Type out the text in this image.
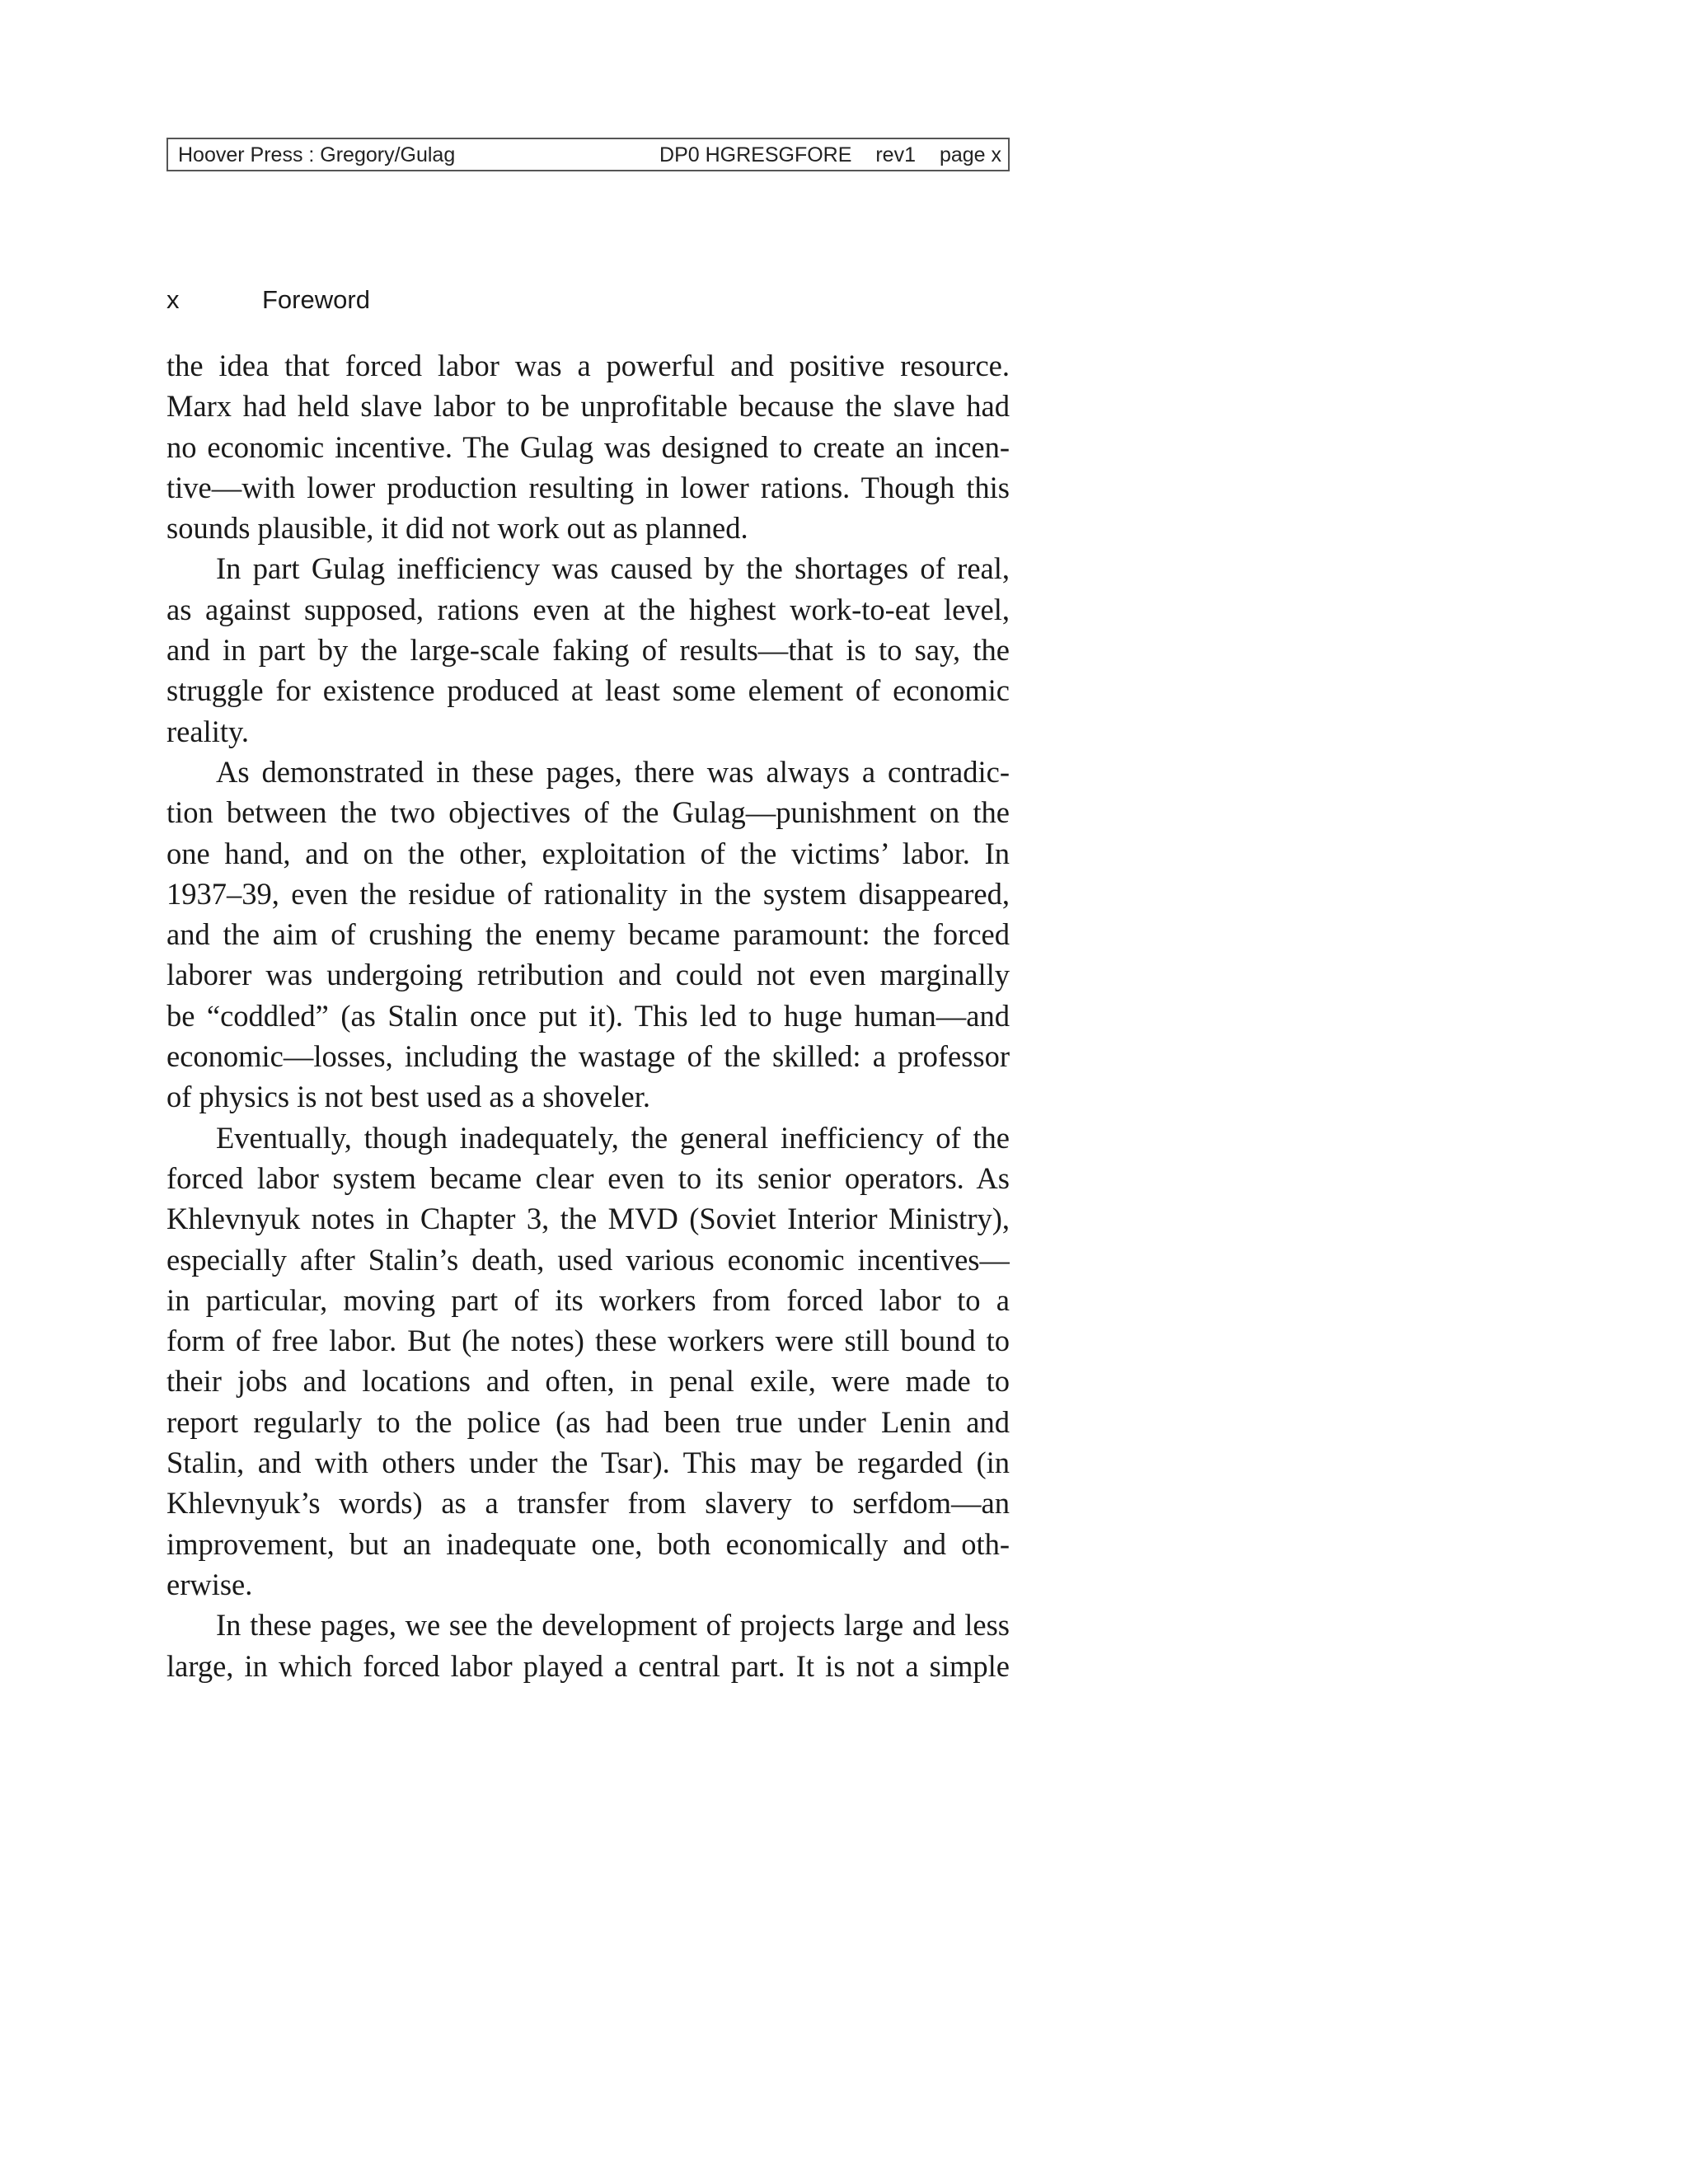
Hoover Press : Gregory/Gulag	DP0 HGRESGFORE rev1 page x
x	Foreword
the idea that forced labor was a powerful and positive resource.
Marx had held slave labor to be unprofitable because the slave had
no economic incentive. The Gulag was designed to create an incen-
tive—with lower production resulting in lower rations. Though this
sounds plausible, it did not work out as planned.
In part Gulag inefficiency was caused by the shortages of real,
as against supposed, rations even at the highest work-to-eat level,
and in part by the large-scale faking of results—that is to say, the
struggle for existence produced at least some element of economic
reality.
As demonstrated in these pages, there was always a contradic-
tion between the two objectives of the Gulag—punishment on the
one hand, and on the other, exploitation of the victims’ labor. In
1937–39, even the residue of rationality in the system disappeared,
and the aim of crushing the enemy became paramount: the forced
laborer was undergoing retribution and could not even marginally
be “coddled” (as Stalin once put it). This led to huge human—and
economic—losses, including the wastage of the skilled: a professor
of physics is not best used as a shoveler.
Eventually, though inadequately, the general inefficiency of the
forced labor system became clear even to its senior operators. As
Khlevnyuk notes in Chapter 3, the MVD (Soviet Interior Ministry),
especially after Stalin’s death, used various economic incentives—
in particular, moving part of its workers from forced labor to a
form of free labor. But (he notes) these workers were still bound to
their jobs and locations and often, in penal exile, were made to
report regularly to the police (as had been true under Lenin and
Stalin, and with others under the Tsar). This may be regarded (in
Khlevnyuk’s words) as a transfer from slavery to serfdom—an
improvement, but an inadequate one, both economically and oth-
erwise.
In these pages, we see the development of projects large and less
large, in which forced labor played a central part. It is not a simple
